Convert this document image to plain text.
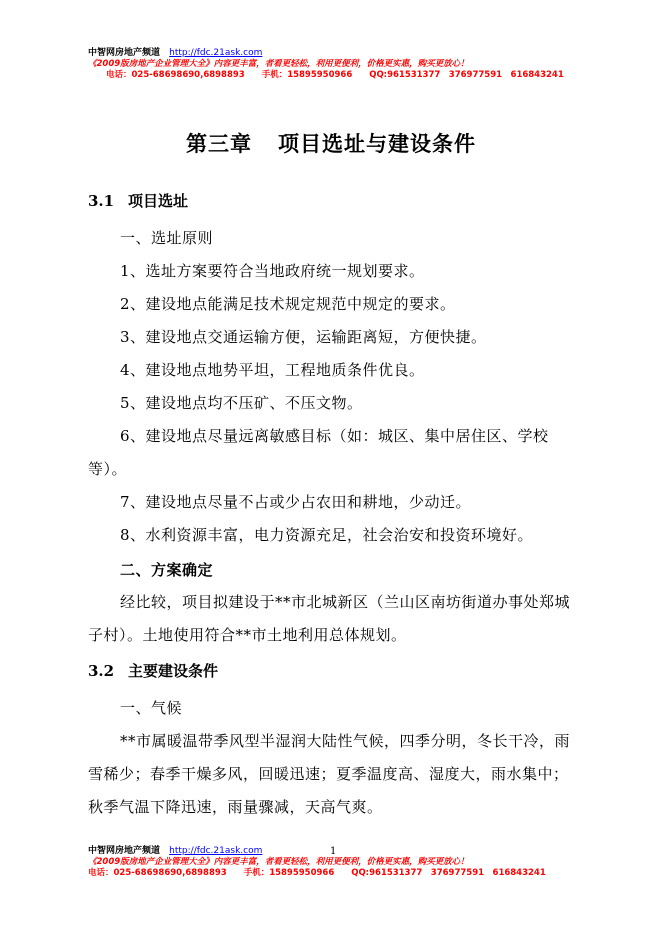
中智网房地产频道 http://fdc.21ask.com
《2009版房地产企业管理大全》内容更丰富，者看更轻松，利用更便利，价格更实惠，购买更放心！
电话：025-68698690,6898893 手机：15895950966 QQ:961531377　376977591　616843241
第三章 项目选址与建设条件
3.1 项目选址
一、选址原则
1、选址方案要符合当地政府统一规划要求。
2、建设地点能满足技术规定规范中规定的要求。
3、建设地点交通运输方便，运输距离短，方便快捷。
4、建设地点地势平坦，工程地质条件优良。
5、建设地点均不压矿、不压文物。
6、建设地点尽量远离敏感目标（如：城区、集中居住区、学校等）。
7、建设地点尽量不占或少占农田和耕地，少动迁。
8、水利资源丰富，电力资源充足，社会治安和投资环境好。
二、方案确定
经比较，项目拟建设于**市北城新区（兰山区南坊街道办事处郑城子村）。土地使用符合**市土地利用总体规划。
3.2 主要建设条件
一、气候
**市属暖温带季风型半湿润大陆性气候，四季分明，冬长干冷，雨雪稀少；春季干燥多风，回暖迅速；夏季温度高、湿度大，雨水集中；秋季气温下降迅速，雨量骤减，天高气爽。
中智网房地产频道 http://fdc.21ask.com
《2009版房地产企业管理大全》内容更丰富，者看更轻松，利用更便利，价格更实惠，购买更放心！
电话：025-68698690,6898893 手机：15895950966 QQ:961531377　376977591　616843241
1
